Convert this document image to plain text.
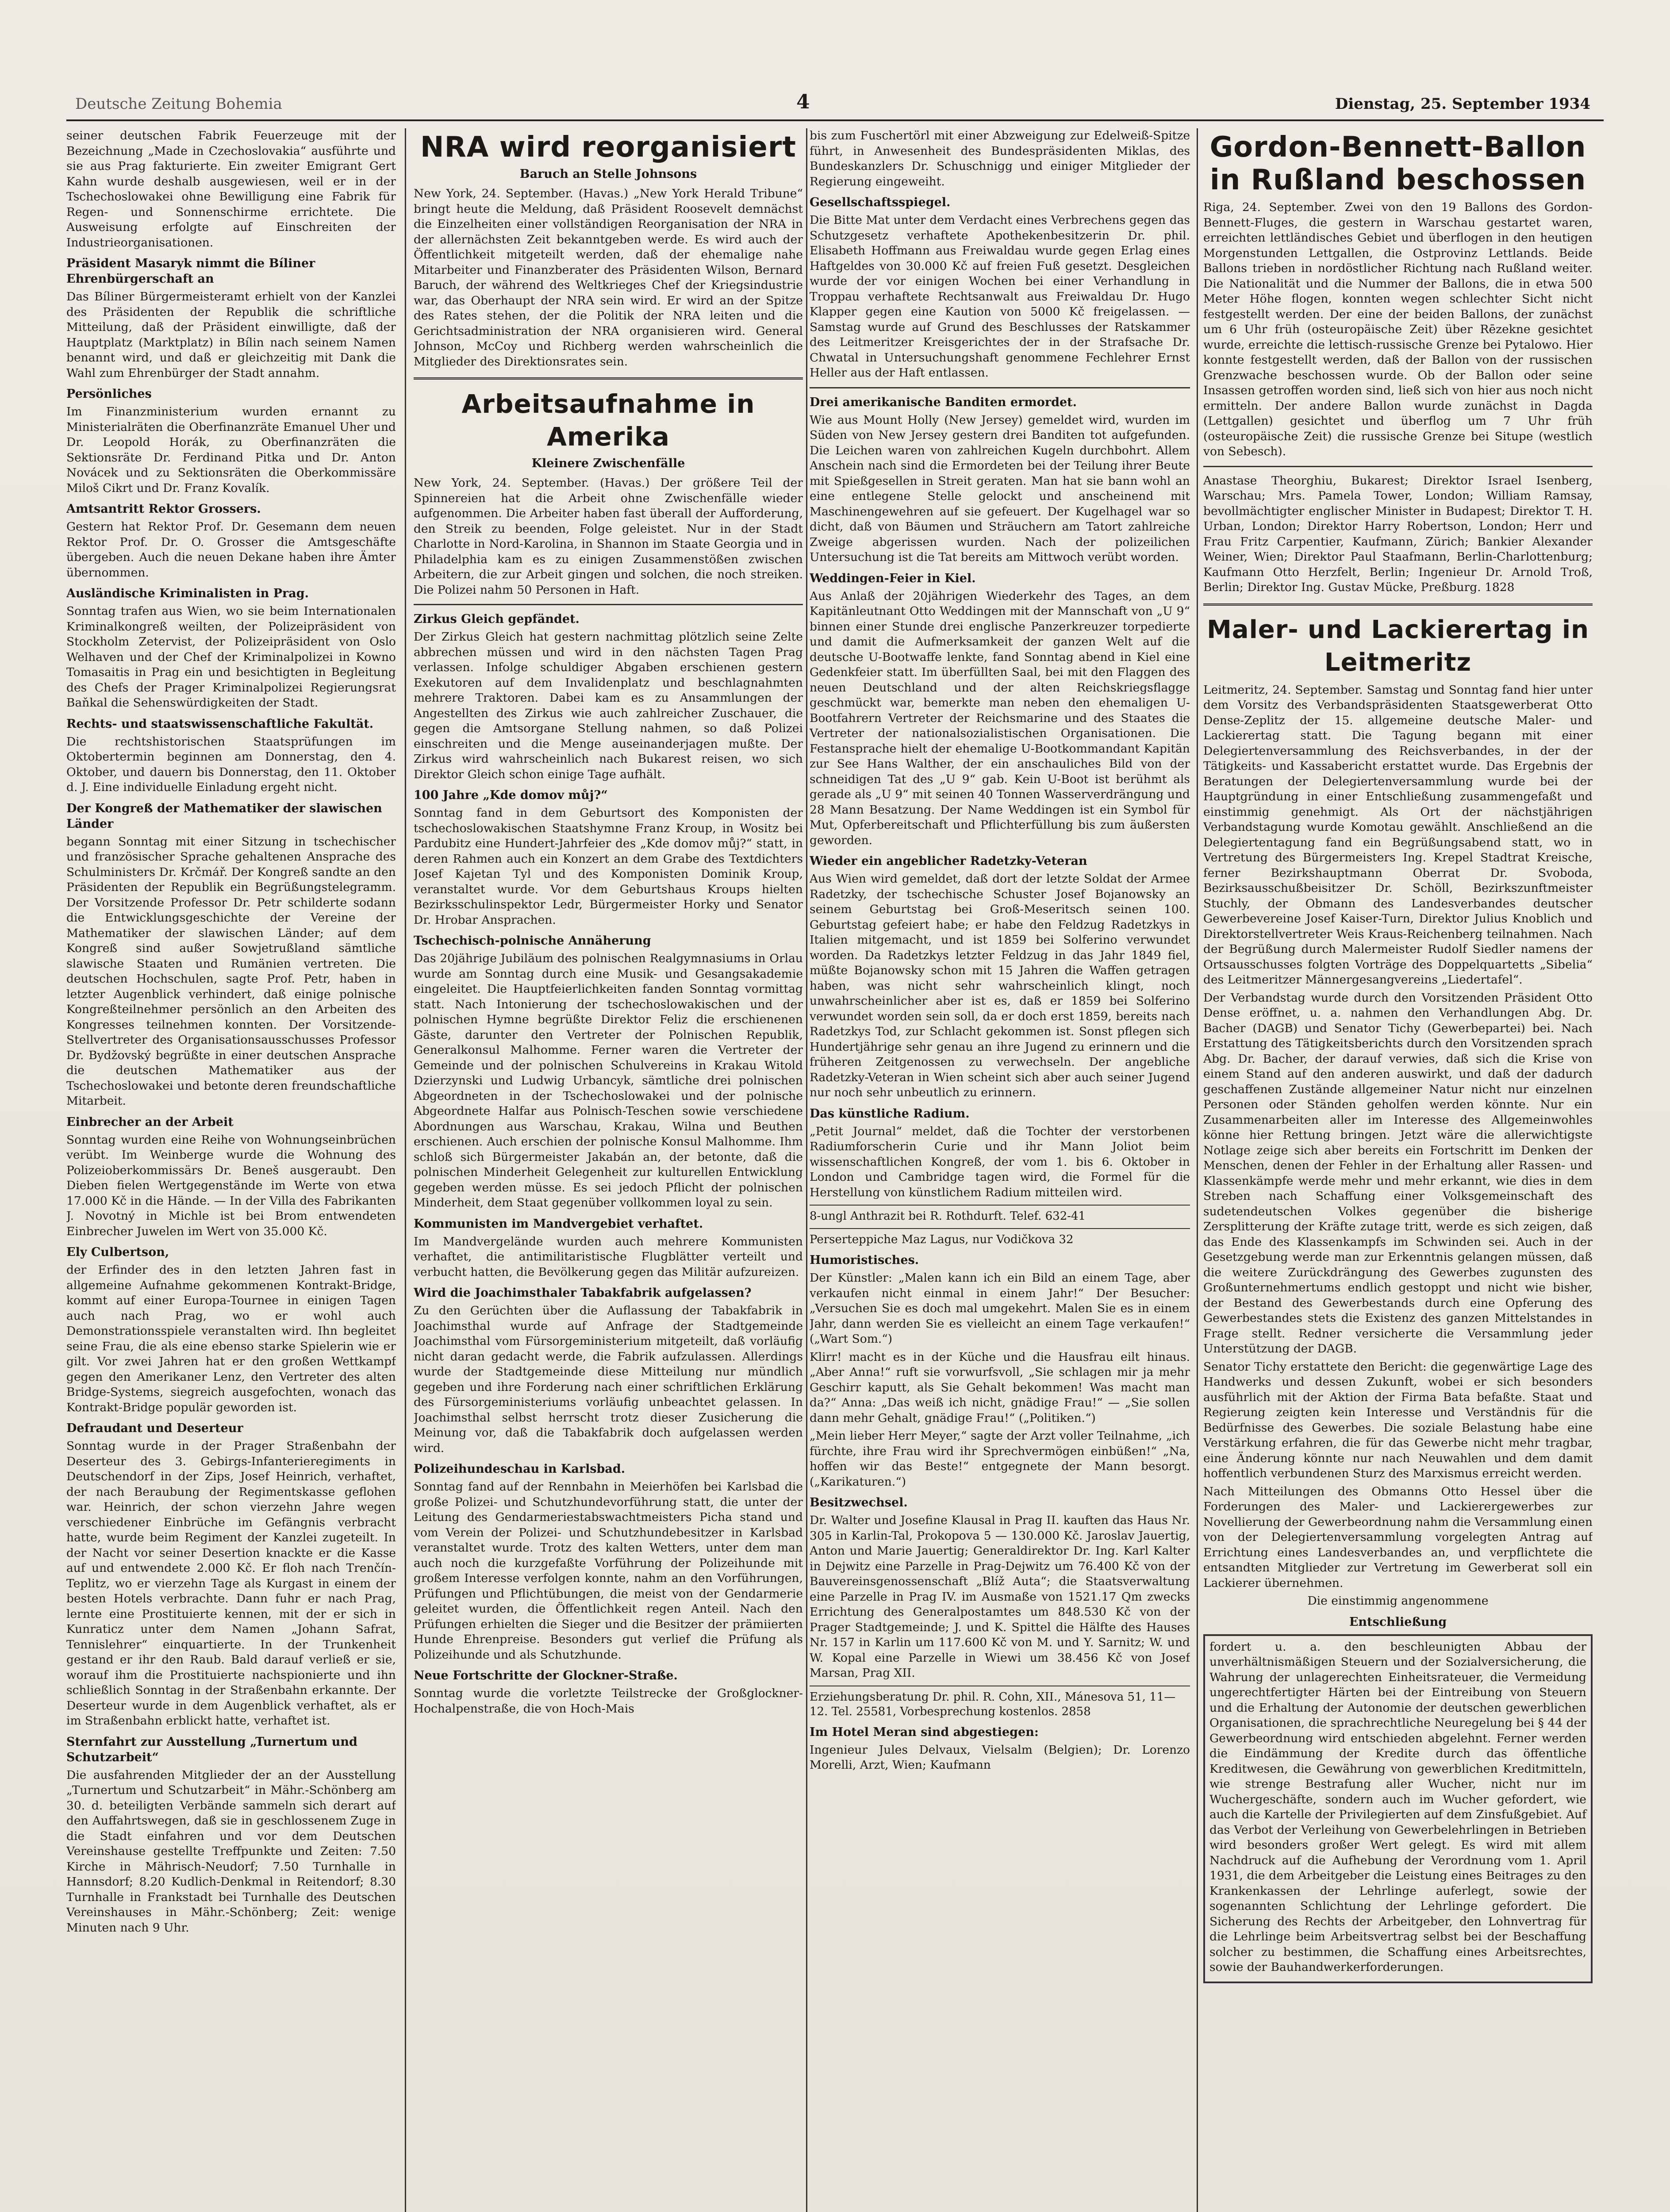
Deutsche Zeitung Bohemia	4	Dienstag, 25. September 1934

seiner deutschen Fabrik Feuerzeuge mit der Bezeichnung „Made in Czechoslovakia“ ausführte und sie aus Prag fakturierte. Ein zweiter Emigrant Gert Kahn wurde deshalb ausgewiesen, weil er in der Tschechoslowakei ohne Bewilligung eine Fabrik für Regen- und Sonnenschirme errichtete. Die Ausweisung erfolgte auf Einschreiten der Industrieorganisationen.

Präsident Masaryk nimmt die Bíliner Ehrenbürgerschaft an

Das Bíliner Bürgermeisteramt erhielt von der Kanzlei des Präsidenten der Republik die schriftliche Mitteilung, daß der Präsident einwilligte, daß der Hauptplatz (Marktplatz) in Bílin nach seinem Namen benannt wird, und daß er gleichzeitig mit Dank die Wahl zum Ehrenbürger der Stadt annahm.

Persönliches

Im Finanzministerium wurden ernannt zu Ministerialräten die Oberfinanzräte Emanuel Uher und Dr. Leopold Horák, zu Oberfinanzräten die Sektionsräte Dr. Ferdinand Pitka und Dr. Anton Novácek und zu Sektionsräten die Oberkommissäre Miloš Cikrt und Dr. Franz Kovalík.

Amtsantritt Rektor Grossers.

Gestern hat Rektor Prof. Dr. Gesemann dem neuen Rektor Prof. Dr. O. Grosser die Amtsgeschäfte übergeben. Auch die neuen Dekane haben ihre Ämter übernommen.

Ausländische Kriminalisten in Prag.

Sonntag trafen aus Wien, wo sie beim Internationalen Kriminalkongreß weilten, der Polizeipräsident von Stockholm Zetervist, der Polizeipräsident von Oslo Welhaven und der Chef der Kriminalpolizei in Kowno Tomasaitis in Prag ein und besichtigten in Begleitung des Chefs der Prager Kriminalpolizei Regierungsrat Baňkal die Sehenswürdigkeiten der Stadt.

Rechts- und staatswissenschaftliche Fakultät.

Die rechtshistorischen Staatsprüfungen im Oktobertermin beginnen am Donnerstag, den 4. Oktober, und dauern bis Donnerstag, den 11. Oktober d. J. Eine individuelle Einladung ergeht nicht.

Der Kongreß der Mathematiker der slawischen Länder

begann Sonntag mit einer Sitzung in tschechischer und französischer Sprache gehaltenen Ansprache des Schulministers Dr. Krčmář. Der Kongreß sandte an den Präsidenten der Republik ein Begrüßungstelegramm. Der Vorsitzende Professor Dr. Petr schilderte sodann die Entwicklungsgeschichte der Vereine der Mathematiker der slawischen Länder; auf dem Kongreß sind außer Sowjetrußland sämtliche slawische Staaten und Rumänien vertreten. Die deutschen Hochschulen, sagte Prof. Petr, haben in letzter Augenblick verhindert, daß einige polnische Kongreßteilnehmer persönlich an den Arbeiten des Kongresses teilnehmen konnten. Der Vorsitzende-Stellvertreter des Organisationsausschusses Professor Dr. Bydžovský begrüßte in einer deutschen Ansprache die deutschen Mathematiker aus der Tschechoslowakei und betonte deren freundschaftliche Mitarbeit.

Einbrecher an der Arbeit

Sonntag wurden eine Reihe von Wohnungseinbrüchen verübt. Im Weinberge wurde die Wohnung des Polizeioberkommissärs Dr. Beneš ausgeraubt. Den Dieben fielen Wertgegenstände im Werte von etwa 17.000 Kč in die Hände. — In der Villa des Fabrikanten J. Novotný in Michle ist bei Brom entwendeten Einbrecher Juwelen im Wert von 35.000 Kč.

Ely Culbertson,

der Erfinder des in den letzten Jahren fast in allgemeine Aufnahme gekommenen Kontrakt-Bridge, kommt auf einer Europa-Tournee in einigen Tagen auch nach Prag, wo er wohl auch Demonstrationsspiele veranstalten wird. Ihn begleitet seine Frau, die als eine ebenso starke Spielerin wie er gilt. Vor zwei Jahren hat er den großen Wettkampf gegen den Amerikaner Lenz, den Vertreter des alten Bridge-Systems, siegreich ausgefochten, wonach das Kontrakt-Bridge populär geworden ist.

Defraudant und Deserteur

Sonntag wurde in der Prager Straßenbahn der Deserteur des 3. Gebirgs-Infanterieregiments in Deutschendorf in der Zips, Josef Heinrich, verhaftet, der nach Beraubung der Regimentskasse geflohen war. Heinrich, der schon vierzehn Jahre wegen verschiedener Einbrüche im Gefängnis verbracht hatte, wurde beim Regiment der Kanzlei zugeteilt. In der Nacht vor seiner Desertion knackte er die Kasse auf und entwendete 2.000 Kč. Er floh nach Trenčín-Teplitz, wo er vierzehn Tage als Kurgast in einem der besten Hotels verbrachte. Dann fuhr er nach Prag, lernte eine Prostituierte kennen, mit der er sich in Kunraticz unter dem Namen „Johann Safrat, Tennislehrer“ einquartierte. In der Trunkenheit gestand er ihr den Raub. Bald darauf verließ er sie, worauf ihm die Prostituierte nachspionierte und ihn schließlich Sonntag in der Straßenbahn erkannte. Der Deserteur wurde in dem Augenblick verhaftet, als er im Straßenbahn erblickt hatte, verhaftet ist.

Sternfahrt zur Ausstellung „Turnertum und Schutzarbeit“

Die ausfahrenden Mitglieder der an der Ausstellung „Turnertum und Schutzarbeit“ in Mähr.-Schönberg am 30. d. beteiligten Verbände sammeln sich derart auf den Auffahrtswegen, daß sie in geschlossenem Zuge in die Stadt einfahren und vor dem Deutschen Vereinshause gestellte Treffpunkte und Zeiten: 7.50 Kirche in Mährisch-Neudorf; 7.50 Turnhalle in Hannsdorf; 8.20 Kudlich-Denkmal in Reitendorf; 8.30 Turnhalle in Frankstadt bei Turnhalle des Deutschen Vereinshauses in Mähr.-Schönberg; Zeit: wenige Minuten nach 9 Uhr.

NRA wird reorganisiert
Baruch an Stelle Johnsons

New York, 24. September. (Havas.) „New York Herald Tribune“ bringt heute die Meldung, daß Präsident Roosevelt demnächst die Einzelheiten einer vollständigen Reorganisation der NRA in der allernächsten Zeit bekanntgeben werde. Es wird auch der Öffentlichkeit mitgeteilt werden, daß der ehemalige nahe Mitarbeiter und Finanzberater des Präsidenten Wilson, Bernard Baruch, der während des Weltkrieges Chef der Kriegsindustrie war, das Oberhaupt der NRA sein wird. Er wird an der Spitze des Rates stehen, der die Politik der NRA leiten und die Gerichtsadministration der NRA organisieren wird. General Johnson, McCoy und Richberg werden wahrscheinlich die Mitglieder des Direktionsrates sein.

Arbeitsaufnahme in Amerika
Kleinere Zwischenfälle

New York, 24. September. (Havas.) Der größere Teil der Spinnereien hat die Arbeit ohne Zwischenfälle wieder aufgenommen. Die Arbeiter haben fast überall der Aufforderung, den Streik zu beenden, Folge geleistet. Nur in der Stadt Charlotte in Nord-Karolina, in Shannon im Staate Georgia und in Philadelphia kam es zu einigen Zusammenstößen zwischen Arbeitern, die zur Arbeit gingen und solchen, die noch streiken. Die Polizei nahm 50 Personen in Haft.

Zirkus Gleich gepfändet.

Der Zirkus Gleich hat gestern nachmittag plötzlich seine Zelte abbrechen müssen und wird in den nächsten Tagen Prag verlassen. Infolge schuldiger Abgaben erschienen gestern Exekutoren auf dem Invalidenplatz und beschlagnahmten mehrere Traktoren. Dabei kam es zu Ansammlungen der Angestellten des Zirkus wie auch zahlreicher Zuschauer, die gegen die Amtsorgane Stellung nahmen, so daß Polizei einschreiten und die Menge auseinanderjagen mußte. Der Zirkus wird wahrscheinlich nach Bukarest reisen, wo sich Direktor Gleich schon einige Tage aufhält.

100 Jahre „Kde domov můj?“

Sonntag fand in dem Geburtsort des Komponisten der tschechoslowakischen Staatshymne Franz Kroup, in Wositz bei Pardubitz eine Hundert-Jahrfeier des „Kde domov můj?“ statt, in deren Rahmen auch ein Konzert an dem Grabe des Textdichters Josef Kajetan Tyl und des Komponisten Dominik Kroup, veranstaltet wurde. Vor dem Geburtshaus Kroups hielten Bezirksschulinspektor Ledr, Bürgermeister Horky und Senator Dr. Hrobar Ansprachen.

Tschechisch-polnische Annäherung

Das 20jährige Jubiläum des polnischen Realgymnasiums in Orlau wurde am Sonntag durch eine Musik- und Gesangsakademie eingeleitet. Die Hauptfeierlichkeiten fanden Sonntag vormittag statt. Nach Intonierung der tschechoslowakischen und der polnischen Hymne begrüßte Direktor Feliz die erschienenen Gäste, darunter den Vertreter der Polnischen Republik, Generalkonsul Malhomme. Ferner waren die Vertreter der Gemeinde und der polnischen Schulvereins in Krakau Witold Dzierzynski und Ludwig Urbancyk, sämtliche drei polnischen Abgeordneten in der Tschechoslowakei und der polnische Abgeordnete Halfar aus Polnisch-Teschen sowie verschiedene Abordnungen aus Warschau, Krakau, Wilna und Beuthen erschienen. Auch erschien der polnische Konsul Malhomme. Ihm schloß sich Bürgermeister Jakabán an, der betonte, daß die polnischen Minderheit Gelegenheit zur kulturellen Entwicklung gegeben werden müsse. Es sei jedoch Pflicht der polnischen Minderheit, dem Staat gegenüber vollkommen loyal zu sein.

Kommunisten im Mandvergebiet verhaftet.

Im Mandvergelände wurden auch mehrere Kommunisten verhaftet, die antimilitaristische Flugblätter verteilt und verbucht hatten, die Bevölkerung gegen das Militär aufzureizen.

Wird die Joachimsthaler Tabakfabrik aufgelassen?

Zu den Gerüchten über die Auflassung der Tabakfabrik in Joachimsthal wurde auf Anfrage der Stadtgemeinde Joachimsthal vom Fürsorgeministerium mitgeteilt, daß vorläufig nicht daran gedacht werde, die Fabrik aufzulassen. Allerdings wurde der Stadtgemeinde diese Mitteilung nur mündlich gegeben und ihre Forderung nach einer schriftlichen Erklärung des Fürsorgeministeriums vorläufig unbeachtet gelassen. In Joachimsthal selbst herrscht trotz dieser Zusicherung die Meinung vor, daß die Tabakfabrik doch aufgelassen werden wird.

Polizeihundeschau in Karlsbad.

Sonntag fand auf der Rennbahn in Meierhöfen bei Karlsbad die große Polizei- und Schutzhundevorführung statt, die unter der Leitung des Gendarmeriestabswachtmeisters Picha stand und vom Verein der Polizei- und Schutzhundebesitzer in Karlsbad veranstaltet wurde. Trotz des kalten Wetters, unter dem man auch noch die kurzgefaßte Vorführung der Polizeihunde mit großem Interesse verfolgen konnte, nahm an den Vorführungen, Prüfungen und Pflichtübungen, die meist von der Gendarmerie geleitet wurden, die Öffentlichkeit regen Anteil. Nach den Prüfungen erhielten die Sieger und die Besitzer der prämiierten Hunde Ehrenpreise. Besonders gut verlief die Prüfung als Polizeihunde und als Schutzhunde.

Neue Fortschritte der Glockner-Straße.

Sonntag wurde die vorletzte Teilstrecke der Großglockner-Hochalpenstraße, die von Hoch-Mais

bis zum Fuschertörl mit einer Abzweigung zur Edelweiß-Spitze führt, in Anwesenheit des Bundespräsidenten Miklas, des Bundeskanzlers Dr. Schuschnigg und einiger Mitglieder der Regierung eingeweiht.

Gesellschaftsspiegel.

Die Bitte Mat unter dem Verdacht eines Verbrechens gegen das Schutzgesetz verhaftete Apothekenbesitzerin Dr. phil. Elisabeth Hoffmann aus Freiwaldau wurde gegen Erlag eines Haftgeldes von 30.000 Kč auf freien Fuß gesetzt. Desgleichen wurde der vor einigen Wochen bei einer Verhandlung in Troppau verhaftete Rechtsanwalt aus Freiwaldau Dr. Hugo Klapper gegen eine Kaution von 5000 Kč freigelassen. — Samstag wurde auf Grund des Beschlusses der Ratskammer des Leitmeritzer Kreisgerichtes der in der Strafsache Dr. Chwatal in Untersuchungshaft genommene Fechlehrer Ernst Heller aus der Haft entlassen.

Drei amerikanische Banditen ermordet.

Wie aus Mount Holly (New Jersey) gemeldet wird, wurden im Süden von New Jersey gestern drei Banditen tot aufgefunden. Die Leichen waren von zahlreichen Kugeln durchbohrt. Allem Anschein nach sind die Ermordeten bei der Teilung ihrer Beute mit Spießgesellen in Streit geraten. Man hat sie bann wohl an eine entlegene Stelle gelockt und anscheinend mit Maschinengewehren auf sie gefeuert. Der Kugelhagel war so dicht, daß von Bäumen und Sträuchern am Tatort zahlreiche Zweige abgerissen wurden. Nach der polizeilichen Untersuchung ist die Tat bereits am Mittwoch verübt worden.

Weddingen-Feier in Kiel.

Aus Anlaß der 20jährigen Wiederkehr des Tages, an dem Kapitänleutnant Otto Weddingen mit der Mannschaft von „U 9“ binnen einer Stunde drei englische Panzerkreuzer torpedierte und damit die Aufmerksamkeit der ganzen Welt auf die deutsche U-Bootwaffe lenkte, fand Sonntag abend in Kiel eine Gedenkfeier statt. Im überfüllten Saal, bei mit den Flaggen des neuen Deutschland und der alten Reichskriegsflagge geschmückt war, bemerkte man neben den ehemaligen U-Bootfahrern Vertreter der Reichsmarine und des Staates die Vertreter der nationalsozialistischen Organisationen. Die Festansprache hielt der ehemalige U-Bootkommandant Kapitän zur See Hans Walther, der ein anschauliches Bild von der schneidigen Tat des „U 9“ gab. Kein U-Boot ist berühmt als gerade als „U 9“ mit seinen 40 Tonnen Wasserverdrängung und 28 Mann Besatzung. Der Name Weddingen ist ein Symbol für Mut, Opferbereitschaft und Pflichterfüllung bis zum äußersten geworden.

Wieder ein angeblicher Radetzky-Veteran

Aus Wien wird gemeldet, daß dort der letzte Soldat der Armee Radetzky, der tschechische Schuster Josef Bojanowsky an seinem Geburtstag bei Groß-Meseritsch seinen 100. Geburtstag gefeiert habe; er habe den Feldzug Radetzkys in Italien mitgemacht, und ist 1859 bei Solferino verwundet worden. Da Radetzkys letzter Feldzug in das Jahr 1849 fiel, müßte Bojanowsky schon mit 15 Jahren die Waffen getragen haben, was nicht sehr wahrscheinlich klingt, noch unwahrscheinlicher aber ist es, daß er 1859 bei Solferino verwundet worden sein soll, da er doch erst 1859, bereits nach Radetzkys Tod, zur Schlacht gekommen ist. Sonst pflegen sich Hundertjährige sehr genau an ihre Jugend zu erinnern und die früheren Zeitgenossen zu verwechseln. Der angebliche Radetzky-Veteran in Wien scheint sich aber auch seiner Jugend nur noch sehr unbeutlich zu erinnern.

Das künstliche Radium.

„Petit Journal“ meldet, daß die Tochter der verstorbenen Radiumforscherin Curie und ihr Mann Joliot beim wissenschaftlichen Kongreß, der vom 1. bis 6. Oktober in London und Cambridge tagen wird, die Formel für die Herstellung von künstlichem Radium mitteilen wird.

8-ungl Anthrazit bei R. Rothdurft. Telef. 632-41
Perserteppiche Maz Lagus, nur Vodičkova 32
Humoristisches.

Der Künstler: „Malen kann ich ein Bild an einem Tage, aber verkaufen nicht einmal in einem Jahr!“ Der Besucher: „Versuchen Sie es doch mal umgekehrt. Malen Sie es in einem Jahr, dann werden Sie es vielleicht an einem Tage verkaufen!“ („Wart Som.“)

Klirr! macht es in der Küche und die Hausfrau eilt hinaus. „Aber Anna!“ ruft sie vorwurfsvoll, „Sie schlagen mir ja mehr Geschirr kaputt, als Sie Gehalt bekommen! Was macht man da?“ Anna: „Das weiß ich nicht, gnädige Frau!“ — „Sie sollen dann mehr Gehalt, gnädige Frau!“ („Politiken.“)

„Mein lieber Herr Meyer,“ sagte der Arzt voller Teilnahme, „ich fürchte, ihre Frau wird ihr Sprechvermögen einbüßen!“ „Na, hoffen wir das Beste!“ entgegnete der Mann besorgt. („Karikaturen.“)

Besitzwechsel.

Dr. Walter und Josefine Klausal in Prag II. kauften das Haus Nr. 305 in Karlin-Tal, Prokopova 5 — 130.000 Kč. Jaroslav Jauertig, Anton und Marie Jauertig; Generaldirektor Dr. Ing. Karl Kalter in Dejwitz eine Parzelle in Prag-Dejwitz um 76.400 Kč von der Bauvereinsgenossenschaft „Blíž Auta“; die Staatsverwaltung eine Parzelle in Prag IV. im Ausmaße von 1521.17 Qm zwecks Errichtung des Generalpostamtes um 848.530 Kč von der Prager Stadtgemeinde; J. und K. Spittel die Hälfte des Hauses Nr. 157 in Karlin um 117.600 Kč von M. und Y. Sarnitz; W. und W. Kopal eine Parzelle in Wiewi um 38.456 Kč von Josef Marsan, Prag XII.

Erziehungsberatung Dr. phil. R. Cohn, XII., Mánesova 51, 11—12. Tel. 25581, Vorbesprechung kostenlos. 2858
Im Hotel Meran sind abgestiegen:

Ingenieur Jules Delvaux, Vielsalm (Belgien); Dr. Lorenzo Morelli, Arzt, Wien; Kaufmann

Gordon-Bennett-Ballon in Rußland beschossen

Riga, 24. September. Zwei von den 19 Ballons des Gordon-Bennett-Fluges, die gestern in Warschau gestartet waren, erreichten lettländisches Gebiet und überflogen in den heutigen Morgenstunden Lettgallen, die Ostprovinz Lettlands. Beide Ballons trieben in nordöstlicher Richtung nach Rußland weiter. Die Nationalität und die Nummer der Ballons, die in etwa 500 Meter Höhe flogen, konnten wegen schlechter Sicht nicht festgestellt werden. Der eine der beiden Ballons, der zunächst um 6 Uhr früh (osteuropäische Zeit) über Rēzekne gesichtet wurde, erreichte die lettisch-russische Grenze bei Pytalowo. Hier konnte festgestellt werden, daß der Ballon von der russischen Grenzwache beschossen wurde. Ob der Ballon oder seine Insassen getroffen worden sind, ließ sich von hier aus noch nicht ermitteln. Der andere Ballon wurde zunächst in Dagda (Lettgallen) gesichtet und überflog um 7 Uhr früh (osteuropäische Zeit) die russische Grenze bei Situpe (westlich von Sebesch).

Anastase Theorghiu, Bukarest; Direktor Israel Isenberg, Warschau; Mrs. Pamela Tower, London; William Ramsay, bevollmächtigter englischer Minister in Budapest; Direktor T. H. Urban, London; Direktor Harry Robertson, London; Herr und Frau Fritz Carpentier, Kaufmann, Zürich; Bankier Alexander Weiner, Wien; Direktor Paul Staafmann, Berlin-Charlottenburg; Kaufmann Otto Herzfelt, Berlin; Ingenieur Dr. Arnold Troß, Berlin; Direktor Ing. Gustav Mücke, Preßburg. 1828

Maler- und Lackierertag in Leitmeritz

Leitmeritz, 24. September. Samstag und Sonntag fand hier unter dem Vorsitz des Verbandspräsidenten Staatsgewerberat Otto Dense-Zeplitz der 15. allgemeine deutsche Maler- und Lackierertag statt. Die Tagung begann mit einer Delegiertenversammlung des Reichsverbandes, in der der Tätigkeits- und Kassabericht erstattet wurde. Das Ergebnis der Beratungen der Delegiertenversammlung wurde bei der Hauptgründung in einer Entschließung zusammengefaßt und einstimmig genehmigt. Als Ort der nächstjährigen Verbandstagung wurde Komotau gewählt. Anschließend an die Delegiertentagung fand ein Begrüßungsabend statt, wo in Vertretung des Bürgermeisters Ing. Krepel Stadtrat Kreische, ferner Bezirkshauptmann Oberrat Dr. Svoboda, Bezirksausschußbeisitzer Dr. Schöll, Bezirkszunftmeister Stuchly, der Obmann des Landesverbandes deutscher Gewerbevereine Josef Kaiser-Turn, Direktor Julius Knoblich und Direktorstellvertreter Weis Kraus-Reichenberg teilnahmen. Nach der Begrüßung durch Malermeister Rudolf Siedler namens der Ortsausschusses folgten Vorträge des Doppelquartetts „Sibelia“ des Leitmeritzer Männergesangvereins „Liedertafel“.

Der Verbandstag wurde durch den Vorsitzenden Präsident Otto Dense eröffnet, u. a. nahmen den Verhandlungen Abg. Dr. Bacher (DAGB) und Senator Tichy (Gewerbepartei) bei. Nach Erstattung des Tätigkeitsberichts durch den Vorsitzenden sprach Abg. Dr. Bacher, der darauf verwies, daß sich die Krise von einem Stand auf den anderen auswirkt, und daß der dadurch geschaffenen Zustände allgemeiner Natur nicht nur einzelnen Personen oder Ständen geholfen werden könnte. Nur ein Zusammenarbeiten aller im Interesse des Allgemeinwohles könne hier Rettung bringen. Jetzt wäre die allerwichtigste Notlage zeige sich aber bereits ein Fortschritt im Denken der Menschen, denen der Fehler in der Erhaltung aller Rassen- und Klassenkämpfe werde mehr und mehr erkannt, wie dies in dem Streben nach Schaffung einer Volksgemeinschaft des sudetendeutschen Volkes gegenüber die bisherige Zersplitterung der Kräfte zutage tritt, werde es sich zeigen, daß das Ende des Klassenkampfs im Schwinden sei. Auch in der Gesetzgebung werde man zur Erkenntnis gelangen müssen, daß die weitere Zurückdrängung des Gewerbes zugunsten des Großunternehmertums endlich gestoppt und nicht wie bisher, der Bestand des Gewerbestands durch eine Opferung des Gewerbestandes stets die Existenz des ganzen Mittelstandes in Frage stellt. Redner versicherte die Versammlung jeder Unterstützung der DAGB.

Senator Tichy erstattete den Bericht: die gegenwärtige Lage des Handwerks und dessen Zukunft, wobei er sich besonders ausführlich mit der Aktion der Firma Bata befaßte. Staat und Regierung zeigten kein Interesse und Verständnis für die Bedürfnisse des Gewerbes. Die soziale Belastung habe eine Verstärkung erfahren, die für das Gewerbe nicht mehr tragbar, eine Änderung könnte nur nach Neuwahlen und dem damit hoffentlich verbundenen Sturz des Marxismus erreicht werden.

Nach Mitteilungen des Obmanns Otto Hessel über die Forderungen des Maler- und Lackierergewerbes zur Novellierung der Gewerbeordnung nahm die Versammlung einen von der Delegiertenversammlung vorgelegten Antrag auf Errichtung eines Landesverbandes an, und verpflichtete die entsandten Mitglieder zur Vertretung im Gewerberat soll ein Lackierer übernehmen.

Die einstimmig angenommene

Entschließung

fordert u. a. den beschleunigten Abbau der unverhältnismäßigen Steuern und der Sozialversicherung, die Wahrung der unlagerechten Einheitsrateuer, die Vermeidung ungerechtfertigter Härten bei der Eintreibung von Steuern und die Erhaltung der Autonomie der deutschen gewerblichen Organisationen, die sprachrechtliche Neuregelung bei § 44 der Gewerbeordnung wird entschieden abgelehnt. Ferner werden die Eindämmung der Kredite durch das öffentliche Kreditwesen, die Gewährung von gewerblichen Kreditmitteln, wie strenge Bestrafung aller Wucher, nicht nur im Wuchergeschäfte, sondern auch im Wucher gefordert, wie auch die Kartelle der Privilegierten auf dem Zinsfußgebiet. Auf das Verbot der Verleihung von Gewerbelehrlingen in Betrieben wird besonders großer Wert gelegt. Es wird mit allem Nachdruck auf die Aufhebung der Verordnung vom 1. April 1931, die dem Arbeitgeber die Leistung eines Beitrages zu den Krankenkassen der Lehrlinge auferlegt, sowie der sogenannten Schlichtung der Lehrlinge gefordert. Die Sicherung des Rechts der Arbeitgeber, den Lohnvertrag für die Lehrlinge beim Arbeitsvertrag selbst bei der Beschaffung solcher zu bestimmen, die Schaffung eines Arbeitsrechtes, sowie der Bauhandwerkerforderungen.
